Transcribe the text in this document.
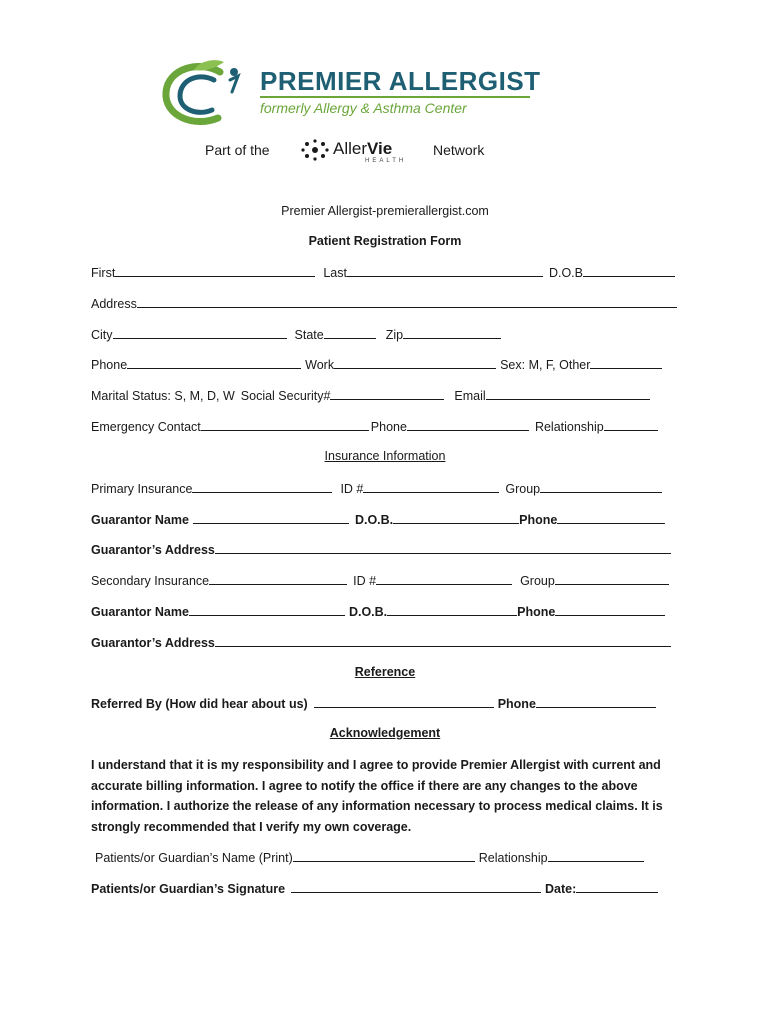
PREMIER ALLERGIST
formerly Allergy & Asthma Center
Part of the	AllerVie
HEALTH
Network
Premier Allergist-premierallergist.com
Patient Registration Form
First	Last	D.O.B
Address
City	State	Zip
Phone	Work	Sex: M, F, Other
Marital Status: S, M, D, W Social Security#	Email
Emergency Contact	Phone	Relationship
Insurance Information
Primary Insurance	ID #	Group
Guarantor Name	D.O.B.	Phone
Guarantor’s Address
Secondary Insurance	ID #	Group
Guarantor Name	D.O.B.	Phone
Guarantor’s Address
Reference
Referred By (How did hear about us)	Phone
Acknowledgement
I understand that it is my responsibility and I agree to provide Premier Allergist with current and accurate billing information. I agree to notify the office if there are any changes to the above information. I authorize the release of any information necessary to process medical claims. It is strongly recommended that I verify my own coverage.
Patients/or Guardian’s Name (Print)	Relationship
Patients/or Guardian’s Signature	Date:
